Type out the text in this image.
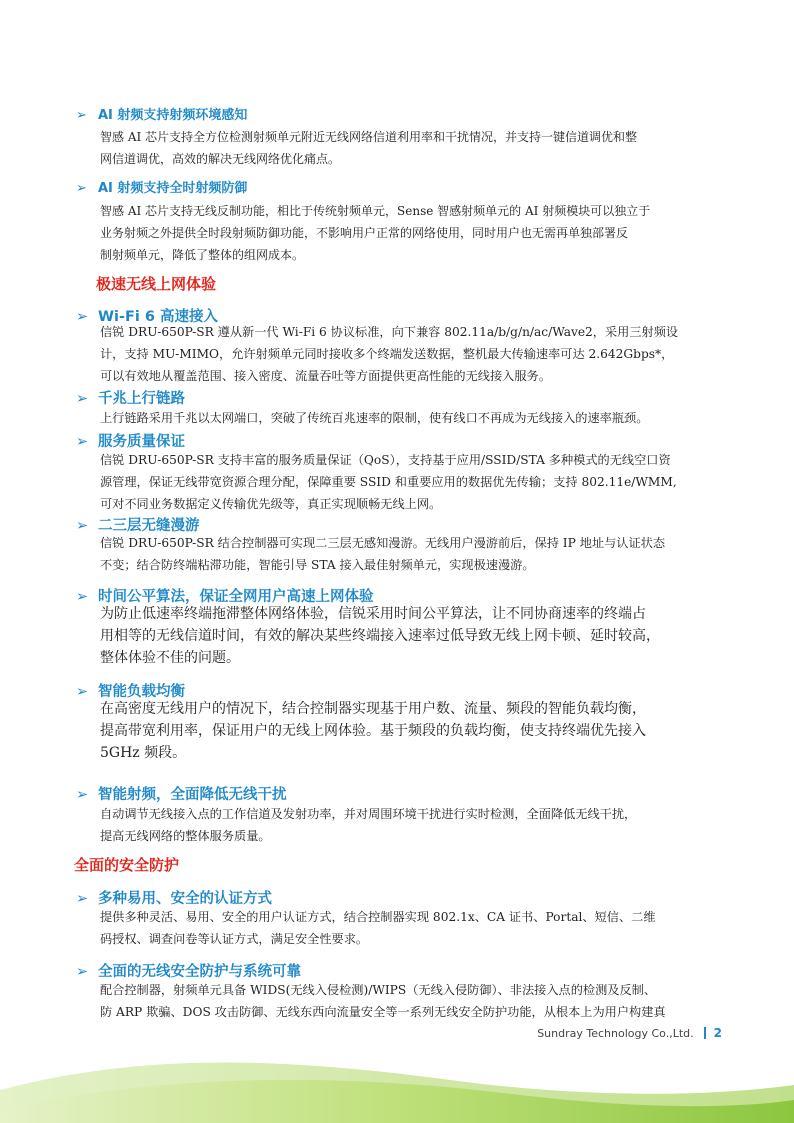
➢ AI 射频支持射频环境感知
智感 AI 芯片支持全方位检测射频单元附近无线网络信道利用率和干扰情况，并支持一键信道调优和整
网信道调优，高效的解决无线网络优化痛点。
➢ AI 射频支持全时射频防御
智感 AI 芯片支持无线反制功能，相比于传统射频单元，Sense 智感射频单元的 AI 射频模块可以独立于
业务射频之外提供全时段射频防御功能，不影响用户正常的网络使用，同时用户也无需再单独部署反
制射频单元，降低了整体的组网成本。
极速无线上网体验
➢ Wi-Fi 6 高速接入
信锐 DRU-650P-SR 遵从新一代 Wi-Fi 6 协议标准，向下兼容 802.11a/b/g/n/ac/Wave2，采用三射频设
计，支持 MU-MIMO，允许射频单元同时接收多个终端发送数据，整机最大传输速率可达 2.642Gbps*，
可以有效地从覆盖范围、接入密度、流量吞吐等方面提供更高性能的无线接入服务。
➢ 千兆上行链路
上行链路采用千兆以太网端口，突破了传统百兆速率的限制，使有线口不再成为无线接入的速率瓶颈。
➢ 服务质量保证
信锐 DRU-650P-SR 支持丰富的服务质量保证（QoS），支持基于应用/SSID/STA 多种模式的无线空口资
源管理，保证无线带宽资源合理分配，保障重要 SSID 和重要应用的数据优先传输；支持 802.11e/WMM,
可对不同业务数据定义传输优先级等，真正实现顺畅无线上网。
➢ 二三层无缝漫游
信锐 DRU-650P-SR 结合控制器可实现二三层无感知漫游。无线用户漫游前后，保持 IP 地址与认证状态
不变；结合防终端粘滞功能，智能引导 STA 接入最佳射频单元，实现极速漫游。
➢ 时间公平算法，保证全网用户高速上网体验
为防止低速率终端拖滞整体网络体验，信锐采用时间公平算法，让不同协商速率的终端占
用相等的无线信道时间，有效的解决某些终端接入速率过低导致无线上网卡顿、延时较高，
整体体验不佳的问题。
➢ 智能负载均衡
在高密度无线用户的情况下，结合控制器实现基于用户数、流量、频段的智能负载均衡，
提高带宽利用率，保证用户的无线上网体验。基于频段的负载均衡，使支持终端优先接入
5GHz 频段。
➢ 智能射频，全面降低无线干扰
自动调节无线接入点的工作信道及发射功率，并对周围环境干扰进行实时检测，全面降低无线干扰，
提高无线网络的整体服务质量。
全面的安全防护
➢ 多种易用、安全的认证方式
提供多种灵活、易用、安全的用户认证方式，结合控制器实现 802.1x、CA 证书、Portal、短信、二维
码授权、调查问卷等认证方式，满足安全性要求。
➢ 全面的无线安全防护与系统可靠
配合控制器，射频单元具备 WIDS(无线入侵检测)/WIPS（无线入侵防御）、非法接入点的检测及反制、
防 ARP 欺骗、DOS 攻击防御、无线东西向流量安全等一系列无线安全防护功能，从根本上为用户构建真
Sundray Technology Co.,Ltd. 2
